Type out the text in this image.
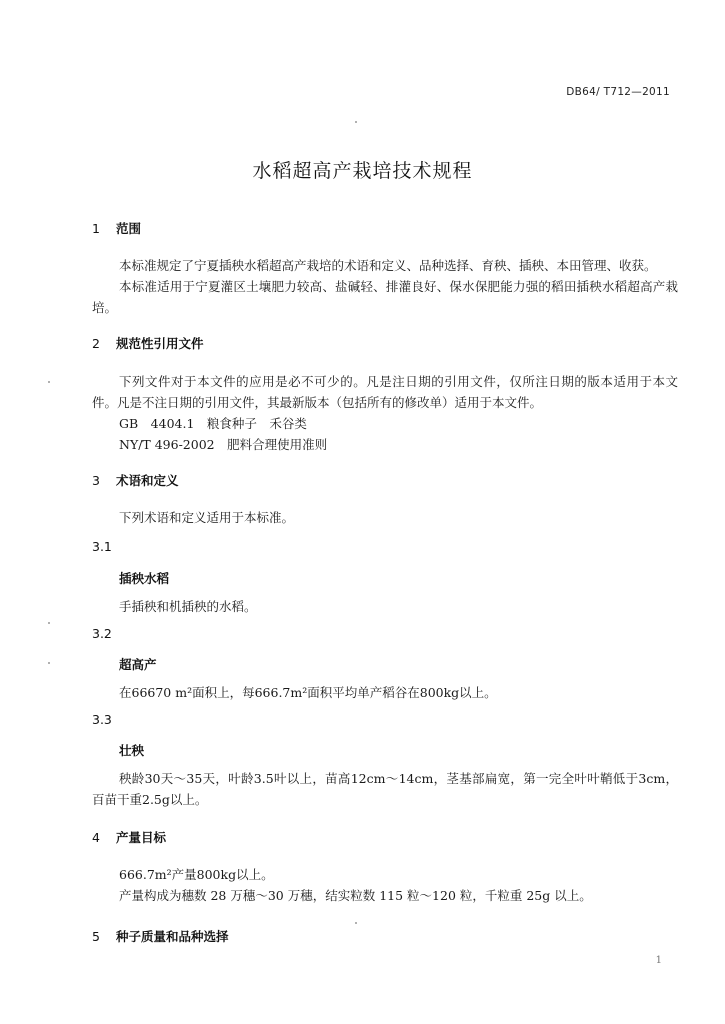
DB64/ T712—2011
水稻超高产栽培技术规程
1 范围
本标准规定了宁夏插秧水稻超高产栽培的术语和定义、品种选择、育秧、插秧、本田管理、收获。
本标准适用于宁夏灌区土壤肥力较高、盐碱轻、排灌良好、保水保肥能力强的稻田插秧水稻超高产栽培。
2 规范性引用文件
下列文件对于本文件的应用是必不可少的。凡是注日期的引用文件，仅所注日期的版本适用于本文件。凡是不注日期的引用文件，其最新版本（包括所有的修改单）适用于本文件。
GB　4404.1　粮食种子　禾谷类
NY/T 496-2002　肥料合理使用准则
3 术语和定义
下列术语和定义适用于本标准。
3.1
插秧水稻
手插秧和机插秧的水稻。
3.2
超高产
在66670 m²面积上，每666.7m²面积平均单产稻谷在800kg以上。
3.3
壮秧
秧龄30天～35天，叶龄3.5叶以上，苗高12cm～14cm，茎基部扁宽，第一完全叶叶鞘低于3cm，百苗干重2.5g以上。
4 产量目标
666.7m²产量800kg以上。
产量构成为穗数 28 万穗～30 万穗，结实粒数 115 粒～120 粒，千粒重 25g 以上。
5 种子质量和品种选择
1
